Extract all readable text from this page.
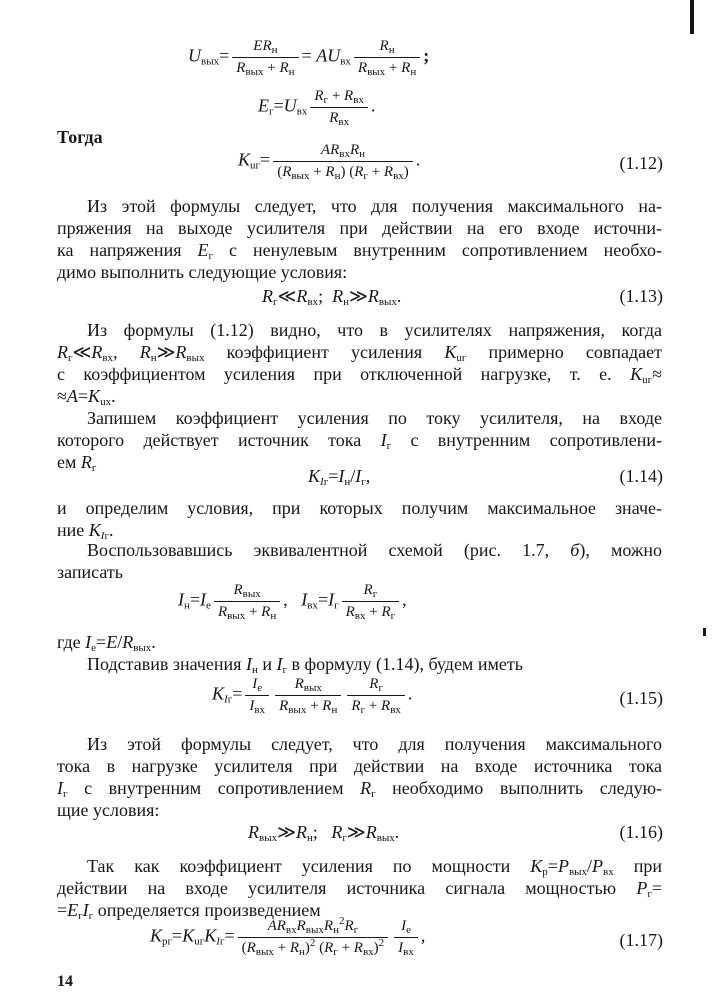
$U_{вых}= \frac{ER_н}{R_{вых} + R_н} = AU_{вх} \frac{R_н}{R_{вых} + R_н}$ ;
$E_г=U_{вх} \frac{R_г + R_{вх}}{R_{вх}}$ .
Тогда
$K_{uг}= \frac{AR_{вх}R_н}{(R_{вых} + R_н) (R_г + R_{вх})}$ .	(1.12)
Из этой формулы следует, что для получения максимального на-
пряжения на выходе усилителя при действии на его входе источни-
ка напряжения $E_г$ с ненулевым внутренним сопротивлением необхо-
димо выполнить следующие условия:
$R_г≪R_{вх}$;  $R_н≫R_{вых}$.	(1.13)
Из формулы (1.12) видно, что в усилителях напряжения, когда
$R_г≪R_{вх}$, $R_н≫R_{вых}$ коэффициент усиления $K_{uг}$ примерно совпадает
с коэффициентом усиления при отключенной нагрузке, т. е. $K_{uг}\approx$
$\approx A=K_{uх}$.
Запишем коэффициент усиления по току усилителя, на входе
которого действует источник тока $I_г$ с внутренним сопротивлени-
ем $R_г$	$K_{Iг}=I_н/I_г$,	(1.14)
и определим условия, при которых получим максимальное значе-
ние $K_{Iг}$.
Воспользовавшись эквивалентной схемой (рис. 1.7, б), можно
записать
$I_н=I_е \frac{R_{вых}}{R_{вых} + R_н}$ ,   $I_{вх}=I_г \frac{R_г}{R_{вх} + R_г}$ ,
где $I_е=E/R_{вых}$.
Подставив значения $I_н$ и $I_г$ в формулу (1.14), будем иметь
$K_{Iг}= \frac{I_е}{I_{вх}} \frac{R_{вых}}{R_{вых} + R_н} \frac{R_г}{R_г + R_{вх}}$ .	(1.15)
Из этой формулы следует, что для получения максимального
тока в нагрузке усилителя при действии на входе источника тока
$I_г$ с внутренним сопротивлением $R_г$ необходимо выполнить следую-
щие условия:
$R_{вых}≫R_н$;   $R_г≫R_{вых}$.	(1.16)
Так как коэффициент усиления по мощности $K_p=P_{вых}/P_{вх}$ при
действии на входе усилителя источника сигнала мощностью $P_г=$
$=E_гI_г$ определяется произведением
$K_{pг}=K_{uг}K_{Iг}= \frac{AR_{вх}R_{вых}R_н^2R_г}{(R_{вых} + R_н)^2 (R_г + R_{вх})^2} \frac{I_е}{I_{вх}}$ ,	(1.17)
14
